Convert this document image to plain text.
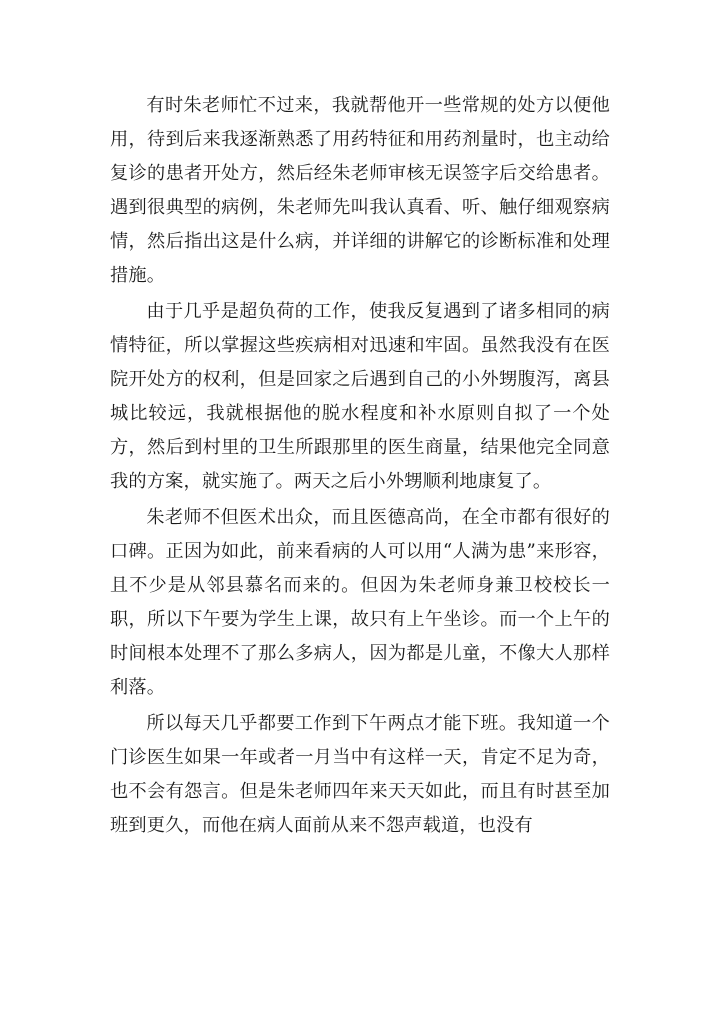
有时朱老师忙不过来，我就帮他开一些常规的处方以便他用，待到后来我逐渐熟悉了用药特征和用药剂量时，也主动给复诊的患者开处方，然后经朱老师审核无误签字后交给患者。遇到很典型的病例，朱老师先叫我认真看、听、触仔细观察病情，然后指出这是什么病，并详细的讲解它的诊断标准和处理措施。

由于几乎是超负荷的工作，使我反复遇到了诸多相同的病情特征，所以掌握这些疾病相对迅速和牢固。虽然我没有在医院开处方的权利，但是回家之后遇到自己的小外甥腹泻，离县城比较远，我就根据他的脱水程度和补水原则自拟了一个处方，然后到村里的卫生所跟那里的医生商量，结果他完全同意我的方案，就实施了。两天之后小外甥顺利地康复了。

朱老师不但医术出众，而且医德高尚，在全市都有很好的口碑。正因为如此，前来看病的人可以用“人满为患”来形容，且不少是从邻县慕名而来的。但因为朱老师身兼卫校校长一职，所以下午要为学生上课，故只有上午坐诊。而一个上午的时间根本处理不了那么多病人，因为都是儿童，不像大人那样利落。

所以每天几乎都要工作到下午两点才能下班。我知道一个门诊医生如果一年或者一月当中有这样一天，肯定不足为奇，也不会有怨言。但是朱老师四年来天天如此，而且有时甚至加班到更久，而他在病人面前从来不怨声载道，也没有
